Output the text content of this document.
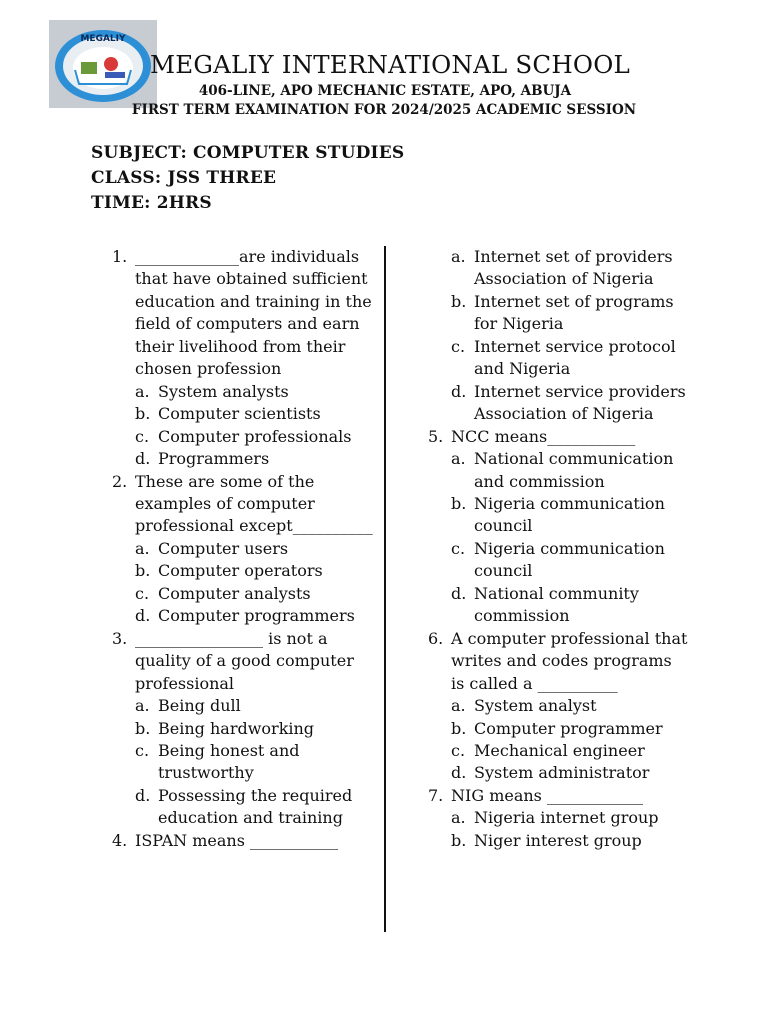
MEGALIY
MEGALIY INTERNATIONAL SCHOOL
406-LINE, APO MECHANIC ESTATE, APO, ABUJA
FIRST TERM EXAMINATION FOR 2024/2025 ACADEMIC SESSION
SUBJECT: COMPUTER STUDIES
CLASS: JSS THREE
TIME: 2HRS
1. _____________are individuals that have obtained sufficient education and training in the field of computers and earn their livelihood from their chosen profession
a. System analysts
b. Computer scientists
c. Computer professionals
d. Programmers
2. These are some of the examples of computer professional except__________
a. Computer users
b. Computer operators
c. Computer analysts
d. Computer programmers
3. ________________ is not a quality of a good computer professional
a. Being dull
b. Being hardworking
c. Being honest and trustworthy
d. Possessing the required education and training
4. ISPAN means ___________
a. Internet set of providers Association of Nigeria
b. Internet set of programs for Nigeria
c. Internet service protocol and Nigeria
d. Internet service providers Association of Nigeria
5. NCC means___________
a. National communication and commission
b. Nigeria communication council
c. Nigeria communication council
d. National community commission
6. A computer professional that writes and codes programs is called a __________
a. System analyst
b. Computer programmer
c. Mechanical engineer
d. System administrator
7. NIG means ____________
a. Nigeria internet group
b. Niger interest group
